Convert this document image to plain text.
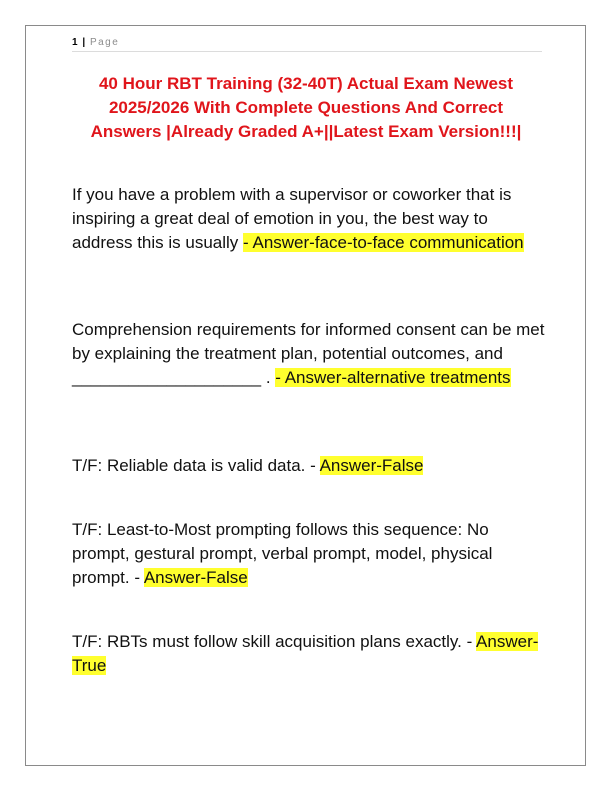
1 | Page
40 Hour RBT Training (32-40T) Actual Exam Newest 2025/2026 With Complete Questions And Correct Answers |Already Graded A+||Latest Exam Version!!!|

If you have a problem with a supervisor or coworker that is inspiring a great deal of emotion in you, the best way to address this is usually - Answer-face-to-face communication

Comprehension requirements for informed consent can be met by explaining the treatment plan, potential outcomes, and ____________________ . - Answer-alternative treatments

T/F: Reliable data is valid data. - Answer-False

T/F: Least-to-Most prompting follows this sequence: No prompt, gestural prompt, verbal prompt, model, physical prompt. - Answer-False

T/F: RBTs must follow skill acquisition plans exactly. - Answer-True
